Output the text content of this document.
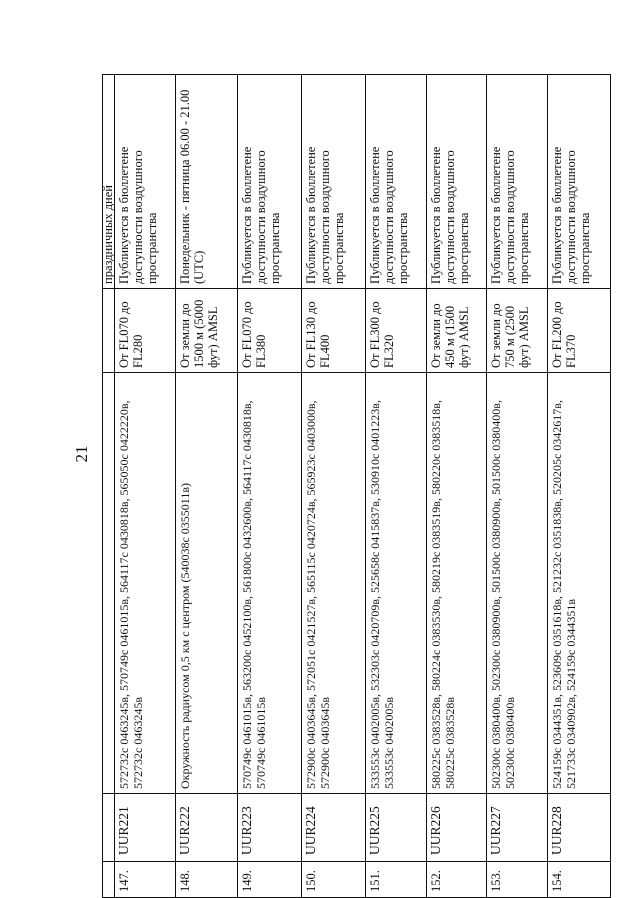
21
				праздничных дней
147.	UUR221	572732с 0463245в, 570749с 0461015в, 564117с 0430818в, 565050с 0422220в, 572732с 0463245в	От FL070 до FL280	Публикуется в бюллетене доступности воздушного пространства
148.	UUR222	Окружность радиусом 0,5 км с центром (540038с 0355011в)	От земли до 1500 м (5000 фут) AMSL	Понедельник - пятница 06.00 - 21.00 (UTC)
149.	UUR223	570749с 0461015в, 563200с 0452100в, 561800с 0432600в, 564117с 0430818в, 570749с 0461015в	От FL070 до FL380	Публикуется в бюллетене доступности воздушного пространства
150.	UUR224	572900с 0403645в, 572051с 0421527в, 565115с 0420724в, 565923с 0403000в, 572900с 0403645в	От FL130 до FL400	Публикуется в бюллетене доступности воздушного пространства
151.	UUR225	533553с 0402005в, 532303с 0420709в, 525658с 0415837в, 530910с 0401223в, 533553с 0402005в	От FL300 до FL320	Публикуется в бюллетене доступности воздушного пространства
152.	UUR226	580225с 0383528в, 580224с 0383530в, 580219с 0383519в, 580220с 0383518в, 580225с 0383528в	От земли до 450 м (1500 фут) AMSL	Публикуется в бюллетене доступности воздушного пространства
153.	UUR227	502300с 0380400в, 502300с 0380900в, 501500с 0380900в, 501500с 0380400в, 502300с 0380400в	От земли до 750 м (2500 фут) AMSL	Публикуется в бюллетене доступности воздушного пространства
154.	UUR228	524159с 0344351в, 523609с 0351618в, 521232с 0351838в, 520205с 0342617в, 521733с 0340902в, 524159с 0344351в	От FL200 до FL370	Публикуется в бюллетене доступности воздушного пространства
